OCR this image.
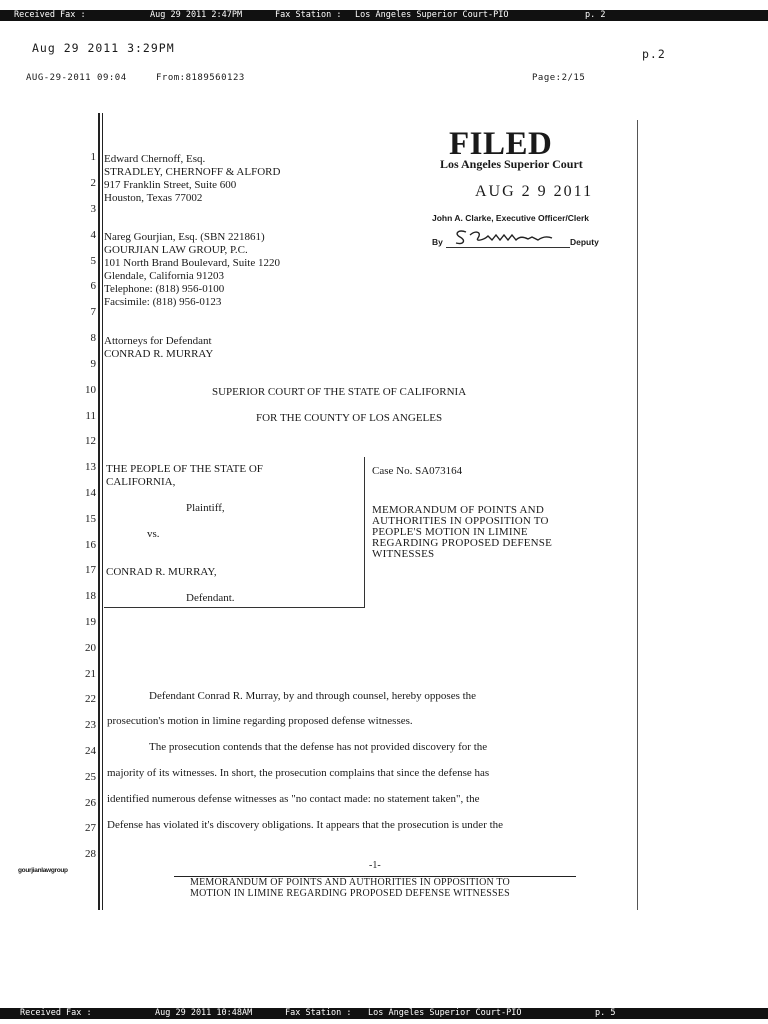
Received Fax :	Aug 29 2011 2:47PM	Fax Station : Los Angeles Superior Court-PIO	p. 2
Aug 29 2011 3:29PM	p.2
AUG-29-2011 09:04	From:8189560123	Page:2/15
1
2
3
4
5
6
7
8
9
10
11
12
13
14
15
16
17
18
19
20
21
22
23
24
25
26
27
28
Edward Chernoff, Esq.
STRADLEY, CHERNOFF & ALFORD
917 Franklin Street, Suite 600
Houston, Texas 77002
Nareg Gourjian, Esq. (SBN 221861)
GOURJIAN LAW GROUP, P.C.
101 North Brand Boulevard, Suite 1220
Glendale, California 91203
Telephone: (818) 956-0100
Facsimile: (818) 956-0123
Attorneys for Defendant
CONRAD R. MURRAY
FILED
Los Angeles Superior Court
AUG 2 9 2011
John A. Clarke, Executive Officer/Clerk
By	Deputy
SUPERIOR COURT OF THE STATE OF CALIFORNIA
FOR THE COUNTY OF LOS ANGELES
THE PEOPLE OF THE STATE OF
CALIFORNIA,
Plaintiff,
vs.
CONRAD R. MURRAY,
Defendant.
Case No. SA073164
MEMORANDUM OF POINTS AND
AUTHORITIES IN OPPOSITION TO
PEOPLE'S MOTION IN LIMINE
REGARDING PROPOSED DEFENSE
WITNESSES
Defendant Conrad R. Murray, by and through counsel, hereby opposes the
prosecution's motion in limine regarding proposed defense witnesses.
The prosecution contends that the defense has not provided discovery for the
majority of its witnesses. In short, the prosecution complains that since the defense has
identified numerous defense witnesses as "no contact made: no statement taken", the
Defense has violated it's discovery obligations. It appears that the prosecution is under the
gourjianlawgroup	-1-
MEMORANDUM OF POINTS AND AUTHORITIES IN OPPOSITION TO
MOTION IN LIMINE REGARDING PROPOSED DEFENSE WITNESSES
Received Fax :	Aug 29 2011 10:48AM	Fax Station : Los Angeles Superior Court-PIO	p. 5
